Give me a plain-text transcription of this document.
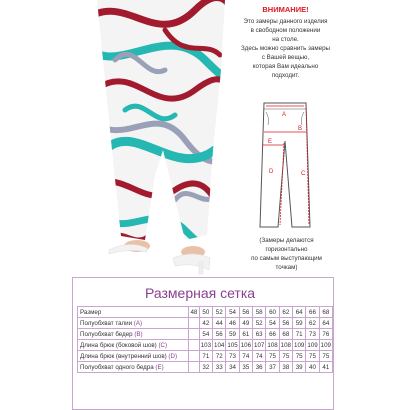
ВНИМАНИЕ!

Это замеры данного изделия

в свободном положении

на столе.

Здесь можно сравнить замеры

с Вашей вещью,

которая Вам идеально

подходит.

A
B
C
D
E
(Замеры делаются
горизонтально
по самым выступающим
точкам)
Размерная сетка
Размер	48	50	52	54	56	58	60	62	64	66	68
Полуобхват талии (A)		42	44	46	49	52	54	56	59	62	64
Полуобхват бедер (B)		54	56	59	61	63	66	68	71	73	76
Длина брюк (боковой шов) (C)		103	104	105	106	107	108	108	109	109	109
Длина брюк (внутренний шов) (D)		71	72	73	74	74	75	75	75	75	75
Полуобхват одного бедра (E)		32	33	34	35	36	37	38	39	40	41
